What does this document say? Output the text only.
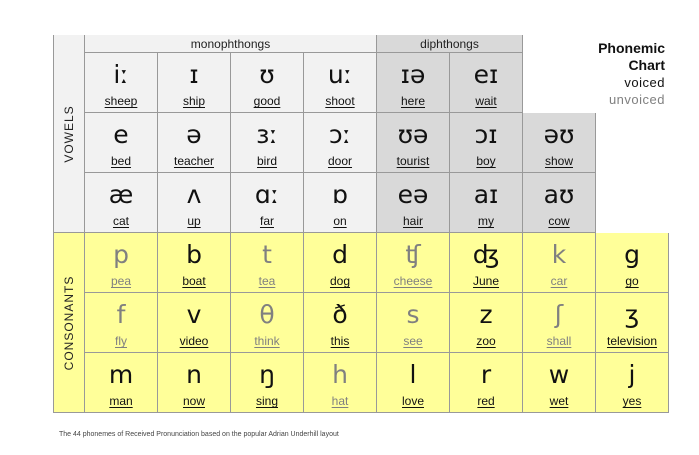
monophthongs	diphthongs
VOWELS
CONSONANTS
iː
sheep
ɪ
ship
ʊ
good
uː
shoot
ɪə
here
eɪ
wait
e
bed
ə
teacher
ɜː
bird
ɔː
door
ʊə
tourist
ɔɪ
boy
əʊ
show
æ
cat
ʌ
up
ɑː
far
ɒ
on
eə
hair
aɪ
my
aʊ
cow
p
pea
b
boat
t
tea
d
dog
ʧ
cheese
ʤ
June
k
car
g
go
f
fly
v
video
θ
think
ð
this
s
see
z
zoo
ʃ
shall
ʒ
television
m
man
n
now
ŋ
sing
h
hat
l
love
r
red
w
wet
j
yes
Phonemic
Chart
voiced
unvoiced
The 44 phonemes of Received Pronunciation based on the popular Adrian Underhill layout
